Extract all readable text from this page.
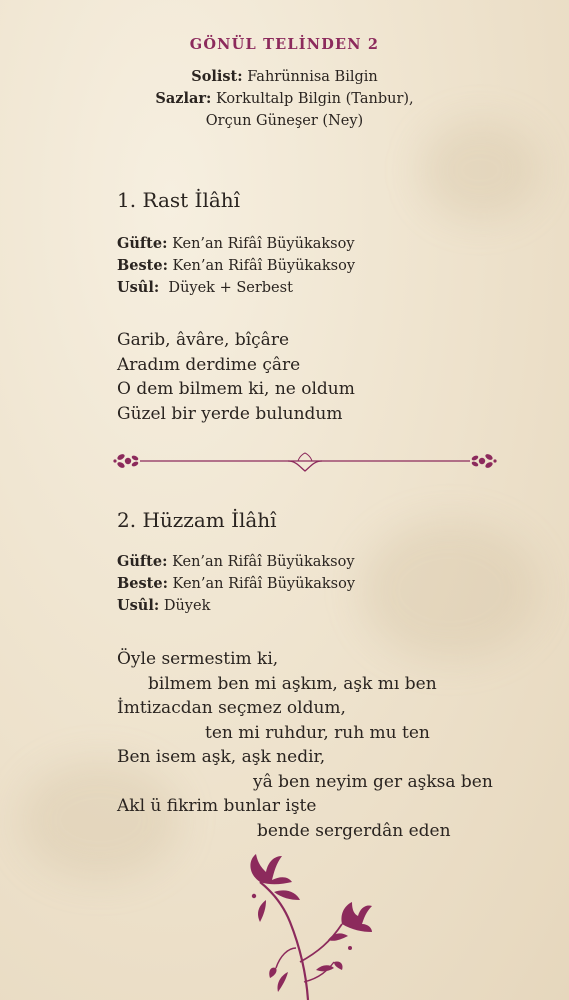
GÖNÜL TELİNDEN 2
Solist: Fahrünnisa Bilgin
Sazlar: Korkultalp Bilgin (Tanbur),
Orçun Güneşer (Ney)
1. Rast İlâhî
Güfte: Ken’an Rifâî Büyükaksoy
Beste: Ken’an Rifâî Büyükaksoy
Usûl:  Düyek + Serbest
Garib, âvâre, bîçâre
Aradım derdime çâre
O dem bilmem ki, ne oldum
Güzel bir yerde bulundum
2. Hüzzam İlâhî
Güfte: Ken’an Rifâî Büyükaksoy
Beste: Ken’an Rifâî Büyükaksoy
Usûl: Düyek
Öyle sermestim ki,
bilmem ben mi aşkım, aşk mı ben
İmtizacdan seçmez oldum,
ten mi ruhdur, ruh mu ten
Ben isem aşk, aşk nedir,
yâ ben neyim ger aşksa ben
Akl ü fikrim bunlar işte
bende sergerdân eden
